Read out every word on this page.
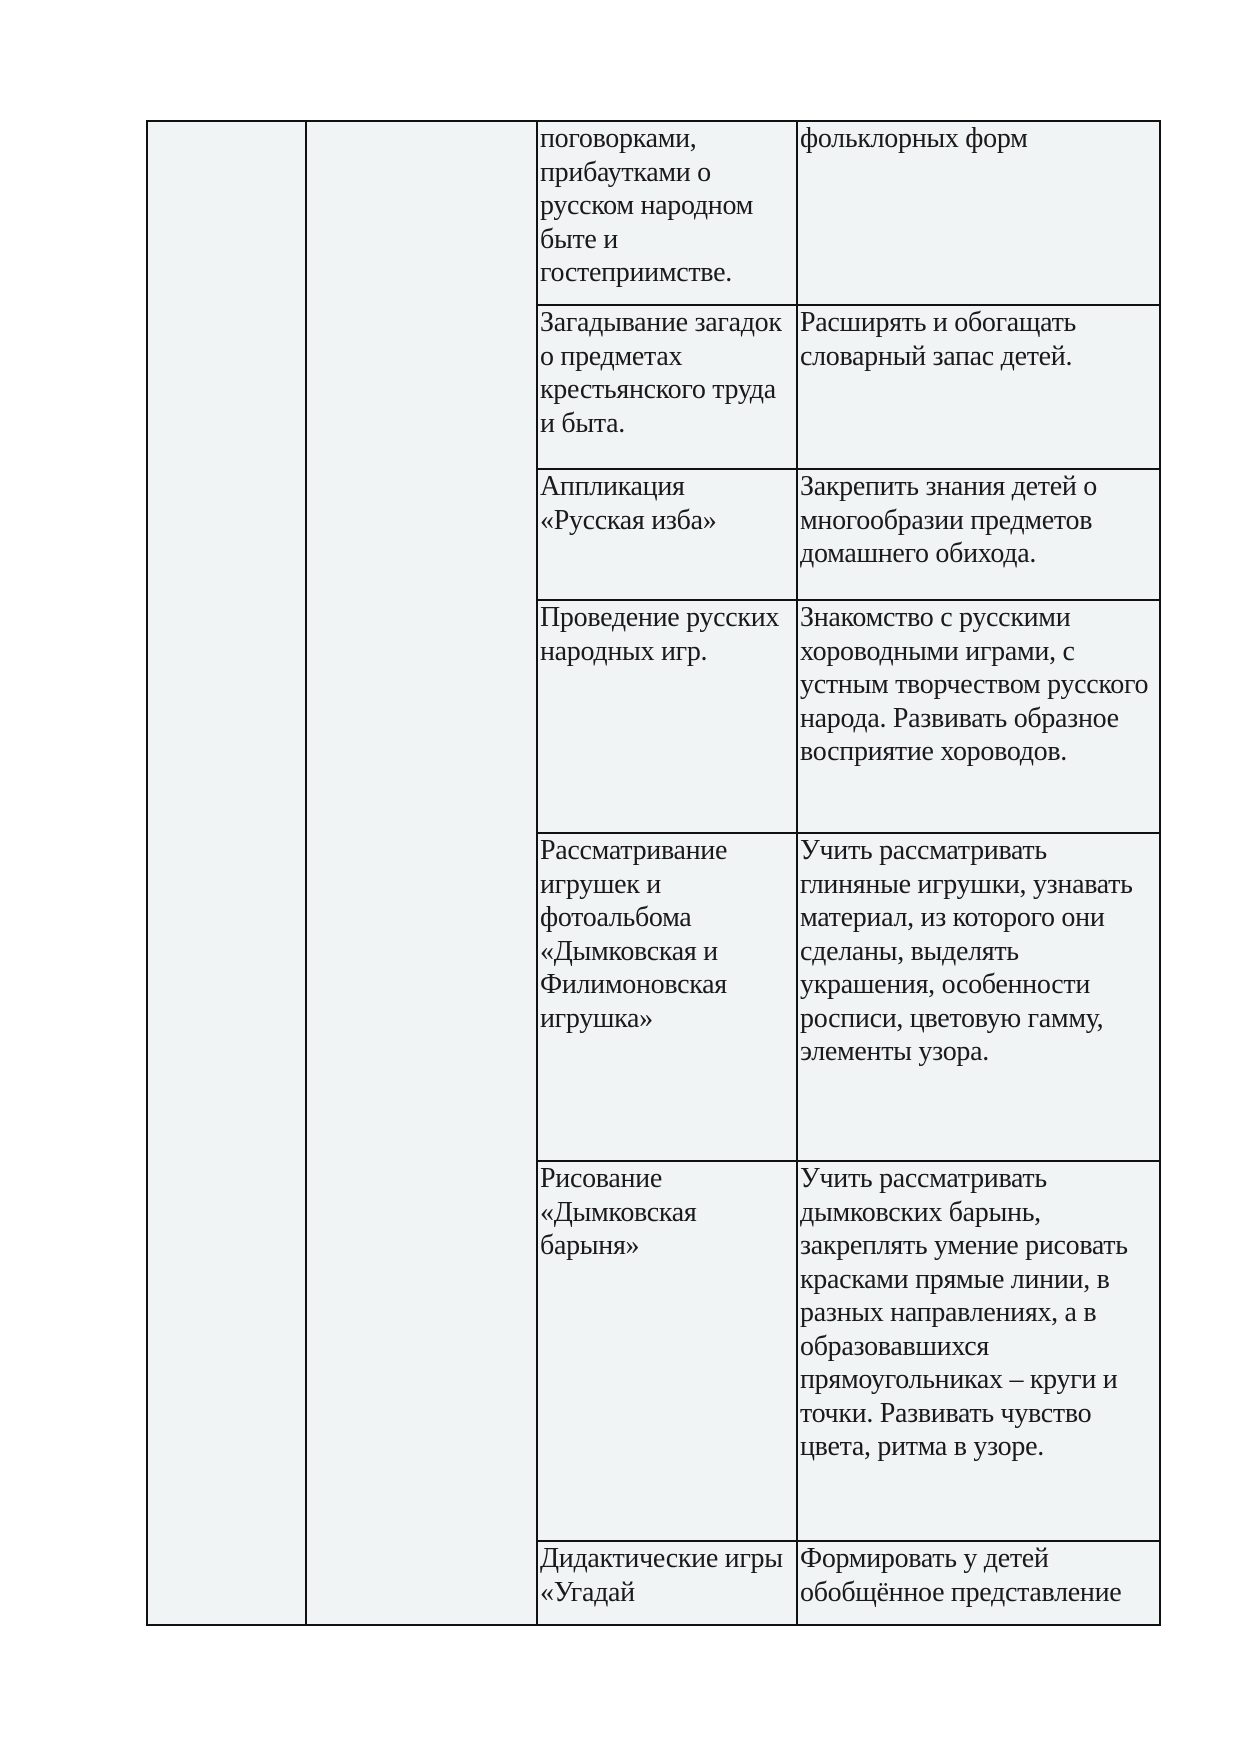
		поговорками, прибаутками о русском народном быте и гостеприимстве.	фольклорных форм

		Загадывание загадок о предметах крестьянского труда и быта.	Расширять и обогащать словарный запас детей.

		Аппликация «Русская изба»	Закрепить знания детей о многообразии предметов домашнего обихода.

		Проведение русских народных игр.	Знакомство с русскими хороводными играми, с устным творчеством русского народа. Развивать образное восприятие хороводов.

		Рассматривание игрушек и фотоальбома «Дымковская и Филимоновская игрушка»	Учить рассматривать глиняные игрушки, узнавать материал, из которого они сделаны, выделять украшения, особенности росписи, цветовую гамму, элементы узора.

		Рисование «Дымковская барыня»	Учить рассматривать дымковских барынь, закреплять умение рисовать красками прямые линии, в разных направлениях, а в образовавшихся прямоугольниках – круги и точки. Развивать чувство цвета, ритма в узоре.

		Дидактические игры «Угадай	Формировать у детей обобщённое представление
